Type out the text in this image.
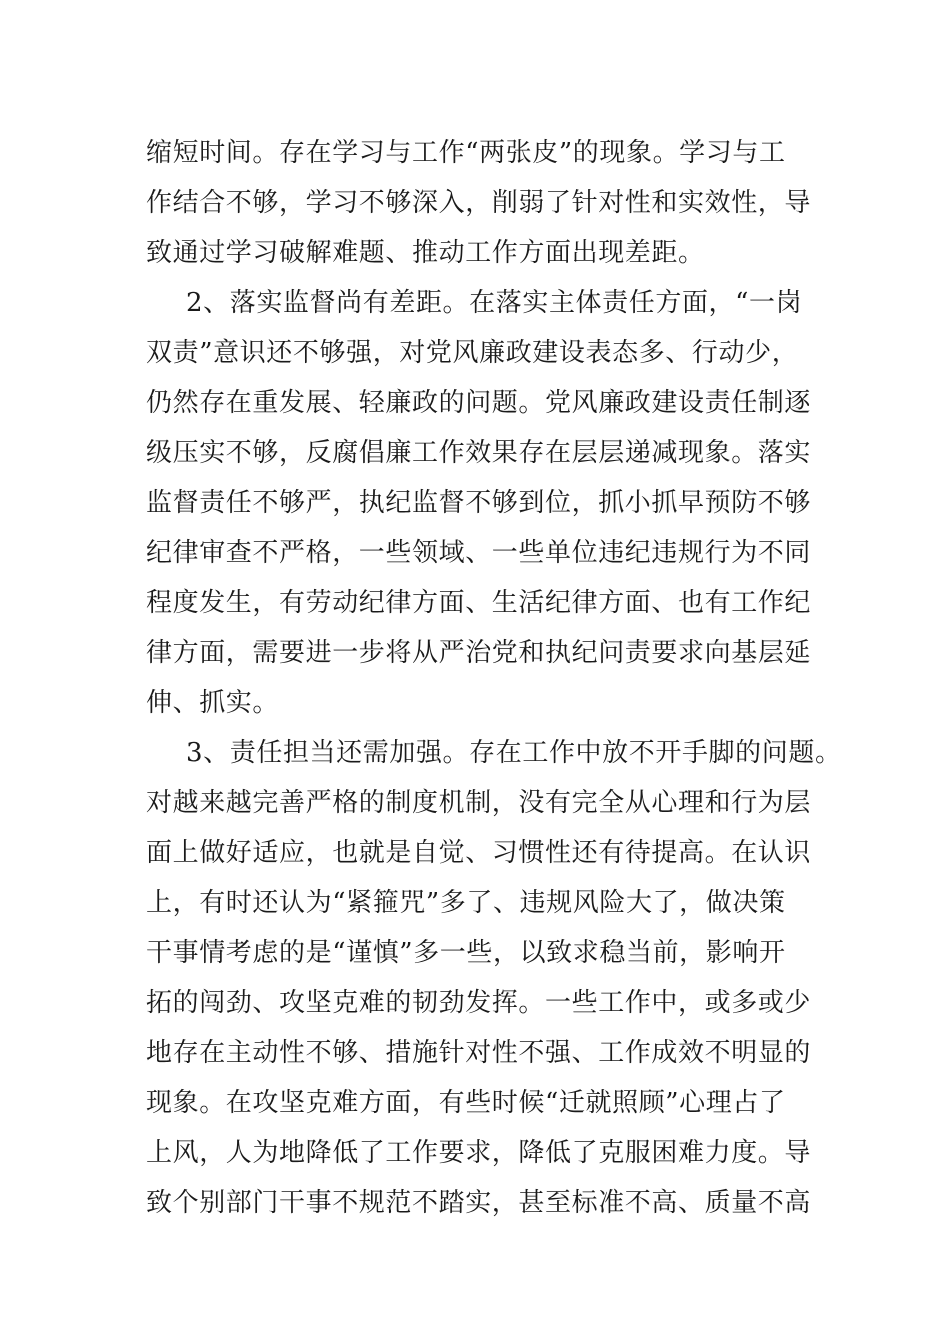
缩短时间。存在学习与工作“两张皮”的现象。学习与工
作结合不够，学习不够深入，削弱了针对性和实效性，导
致通过学习破解难题、推动工作方面出现差距。
2、落实监督尚有差距。在落实主体责任方面，“一岗
双责”意识还不够强，对党风廉政建设表态多、行动少，
仍然存在重发展、轻廉政的问题。党风廉政建设责任制逐
级压实不够，反腐倡廉工作效果存在层层递减现象。落实
监督责任不够严，执纪监督不够到位，抓小抓早预防不够
纪律审查不严格，一些领域、一些单位违纪违规行为不同
程度发生，有劳动纪律方面、生活纪律方面、也有工作纪
律方面，需要进一步将从严治党和执纪问责要求向基层延
伸、抓实。
3、责任担当还需加强。存在工作中放不开手脚的问题。
对越来越完善严格的制度机制，没有完全从心理和行为层
面上做好适应，也就是自觉、习惯性还有待提高。在认识
上，有时还认为“紧箍咒”多了、违规风险大了，做决策
干事情考虑的是“谨慎”多一些，以致求稳当前，影响开
拓的闯劲、攻坚克难的韧劲发挥。一些工作中，或多或少
地存在主动性不够、措施针对性不强、工作成效不明显的
现象。在攻坚克难方面，有些时候“迁就照顾”心理占了
上风，人为地降低了工作要求，降低了克服困难力度。导
致个别部门干事不规范不踏实，甚至标准不高、质量不高
